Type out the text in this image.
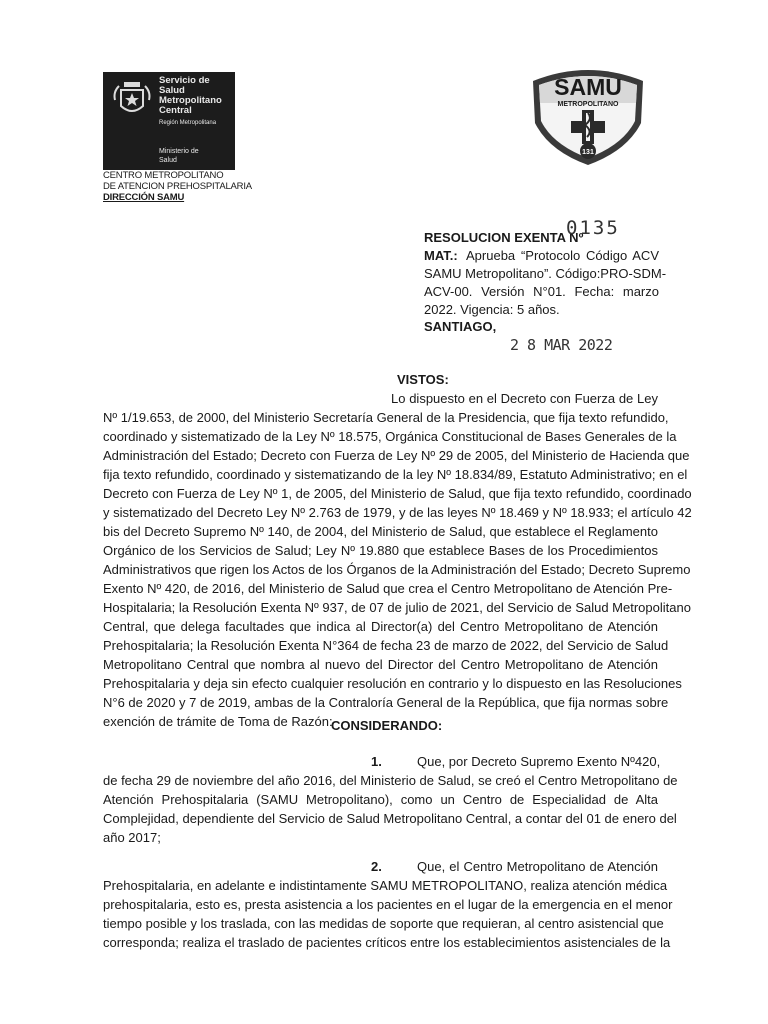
Servicio de
Salud
Metropolitano
Central
Región Metropolitana
Ministerio de
Salud
CENTRO METROPOLITANO
DE ATENCION PREHOSPITALARIA
DIRECCIÓN SAMU
SAMU
METROPOLITANO
131
RESOLUCION EXENTA Nº
0135
MAT.: Aprueba “Protocolo Código ACV
SAMU Metropolitano”. Código:PRO-SDM-
ACV-00. Versión N°01. Fecha: marzo
2022. Vigencia: 5 años.
SANTIAGO,
2 8 MAR 2022
VISTOS:
Lo dispuesto en el Decreto con Fuerza de Ley
Nº 1/19.653, de 2000, del Ministerio Secretaría General de la Presidencia, que fija texto refundido,
coordinado y sistematizado de la Ley Nº 18.575, Orgánica Constitucional de Bases Generales de la
Administración del Estado; Decreto con Fuerza de Ley Nº 29 de 2005, del Ministerio de Hacienda que
fija texto refundido, coordinado y sistematizando de la ley Nº 18.834/89, Estatuto Administrativo; en el
Decreto con Fuerza de Ley Nº 1, de 2005, del Ministerio de Salud, que fija texto refundido, coordinado
y sistematizado del Decreto Ley Nº 2.763 de 1979, y de las leyes Nº 18.469 y Nº 18.933; el artículo 42
bis del Decreto Supremo Nº 140, de 2004, del Ministerio de Salud, que establece el Reglamento
Orgánico de los Servicios de Salud; Ley Nº 19.880 que establece Bases de los Procedimientos
Administrativos que rigen los Actos de los Órganos de la Administración del Estado; Decreto Supremo
Exento Nº 420, de 2016, del Ministerio de Salud que crea el Centro Metropolitano de Atención Pre-
Hospitalaria; la Resolución Exenta Nº 937, de 07 de julio de 2021, del Servicio de Salud Metropolitano
Central, que delega facultades que indica al Director(a) del Centro Metropolitano de Atención
Prehospitalaria; la Resolución Exenta N°364 de fecha 23 de marzo de 2022, del Servicio de Salud
Metropolitano Central que nombra al nuevo del Director del Centro Metropolitano de Atención
Prehospitalaria y deja sin efecto cualquier resolución en contrario y lo dispuesto en las Resoluciones
N°6 de 2020 y 7 de 2019, ambas de la Contraloría General de la República, que fija normas sobre
exención de trámite de Toma de Razón:
CONSIDERANDO:
1.	Que, por Decreto Supremo Exento Nº420,
de fecha 29 de noviembre del año 2016, del Ministerio de Salud, se creó el Centro Metropolitano de
Atención Prehospitalaria (SAMU Metropolitano), como un Centro de Especialidad de Alta
Complejidad, dependiente del Servicio de Salud Metropolitano Central, a contar del 01 de enero del
año 2017;
2.	Que, el Centro Metropolitano de Atención
Prehospitalaria, en adelante e indistintamente SAMU METROPOLITANO, realiza atención médica
prehospitalaria, esto es, presta asistencia a los pacientes en el lugar de la emergencia en el menor
tiempo posible y los traslada, con las medidas de soporte que requieran, al centro asistencial que
corresponda; realiza el traslado de pacientes críticos entre los establecimientos asistenciales de la
